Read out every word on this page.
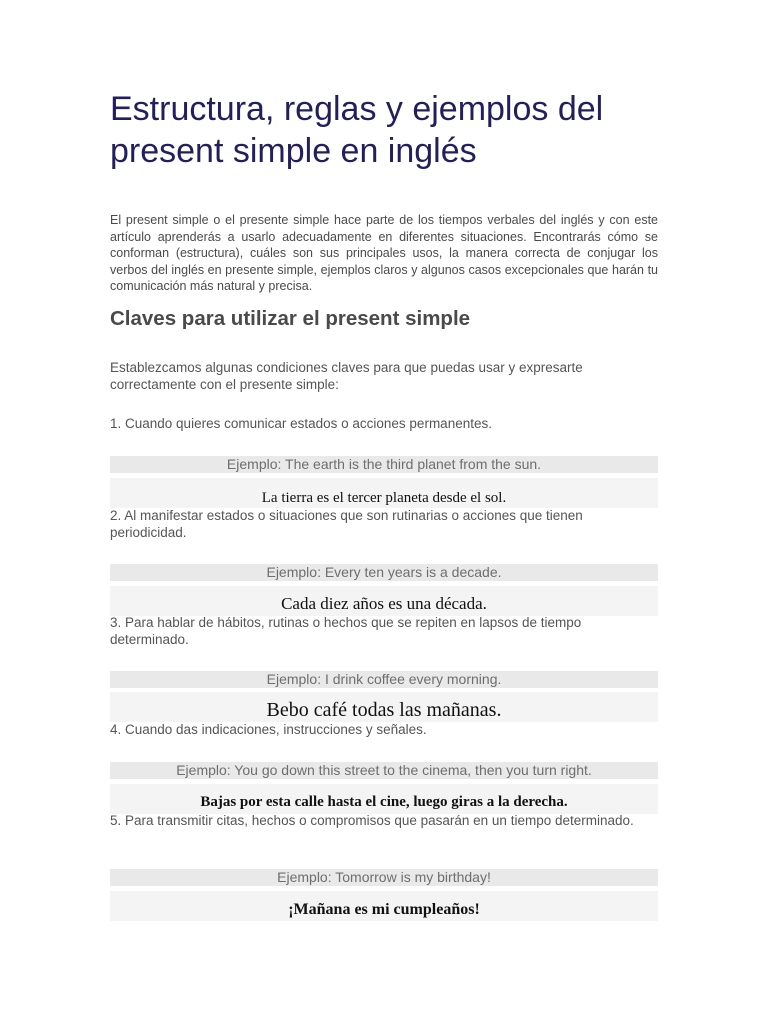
Estructura, reglas y ejemplos del present simple en inglés

El present simple o el presente simple hace parte de los tiempos verbales del inglés y con este artículo aprenderás a usarlo adecuadamente en diferentes situaciones. Encontrarás cómo se conforman (estructura), cuáles son sus principales usos, la manera correcta de conjugar los verbos del inglés en presente simple, ejemplos claros y algunos casos excepcionales que harán tu comunicación más natural y precisa.

Claves para utilizar el present simple

Establezcamos algunas condiciones claves para que puedas usar y expresarte correctamente con el presente simple:

1. Cuando quieres comunicar estados o acciones permanentes.

Ejemplo: The earth is the third planet from the sun.
La tierra es el tercer planeta desde el sol.

2. Al manifestar estados o situaciones que son rutinarias o acciones que tienen periodicidad.

Ejemplo: Every ten years is a decade.
Cada diez años es una década.

3. Para hablar de hábitos, rutinas o hechos que se repiten en lapsos de tiempo determinado.

Ejemplo: I drink coffee every morning.
Bebo café todas las mañanas.

4. Cuando das indicaciones, instrucciones y señales.

Ejemplo: You go down this street to the cinema, then you turn right.
Bajas por esta calle hasta el cine, luego giras a la derecha.

5. Para transmitir citas, hechos o compromisos que pasarán en un tiempo determinado.

Ejemplo: Tomorrow is my birthday!
¡Mañana es mi cumpleaños!
